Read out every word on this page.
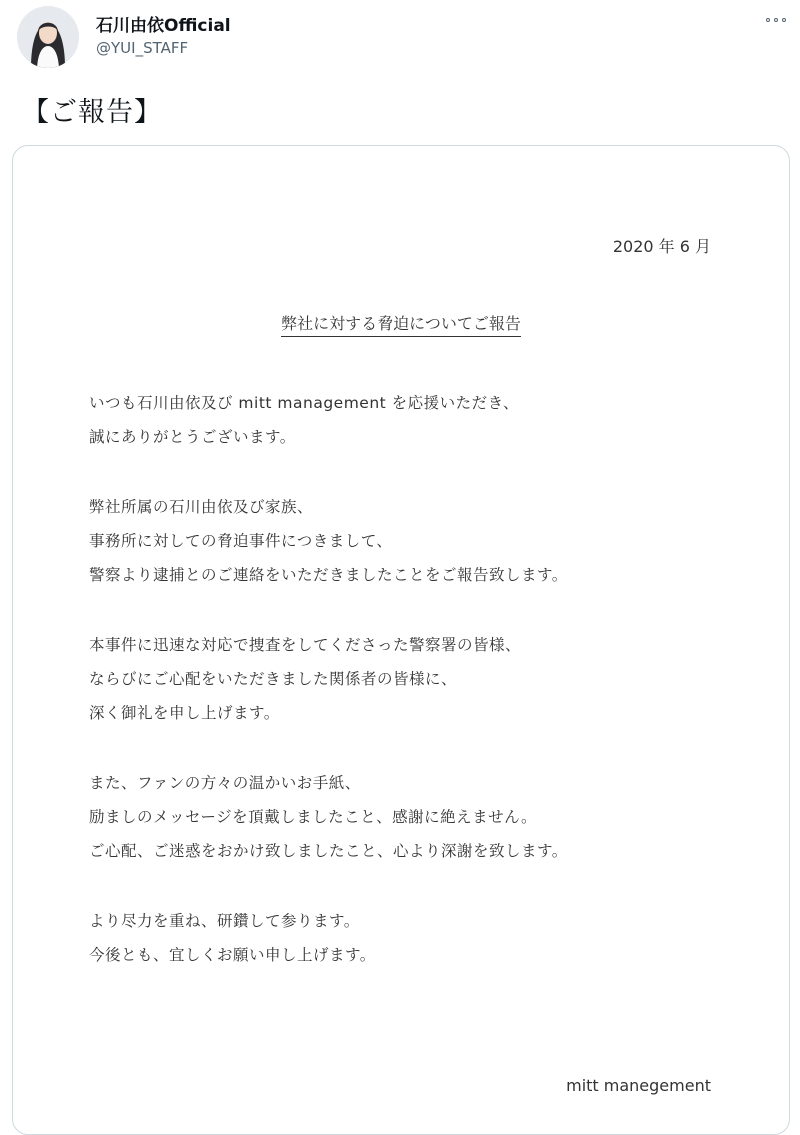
石川由依Official
@YUI_STAFF
【ご報告】
2020 年 6 月
弊社に対する脅迫についてご報告
いつも石川由依及び mitt management を応援いただき、
誠にありがとうございます。
弊社所属の石川由依及び家族、
事務所に対しての脅迫事件につきまして、
警察より逮捕とのご連絡をいただきましたことをご報告致します。
本事件に迅速な対応で捜査をしてくださった警察署の皆様、
ならびにご心配をいただきました関係者の皆様に、
深く御礼を申し上げます。
また、ファンの方々の温かいお手紙、
励ましのメッセージを頂戴しましたこと、感謝に絶えません。
ご心配、ご迷惑をおかけ致しましたこと、心より深謝を致します。
より尽力を重ね、研鑽して参ります。
今後とも、宜しくお願い申し上げます。
mitt manegement
